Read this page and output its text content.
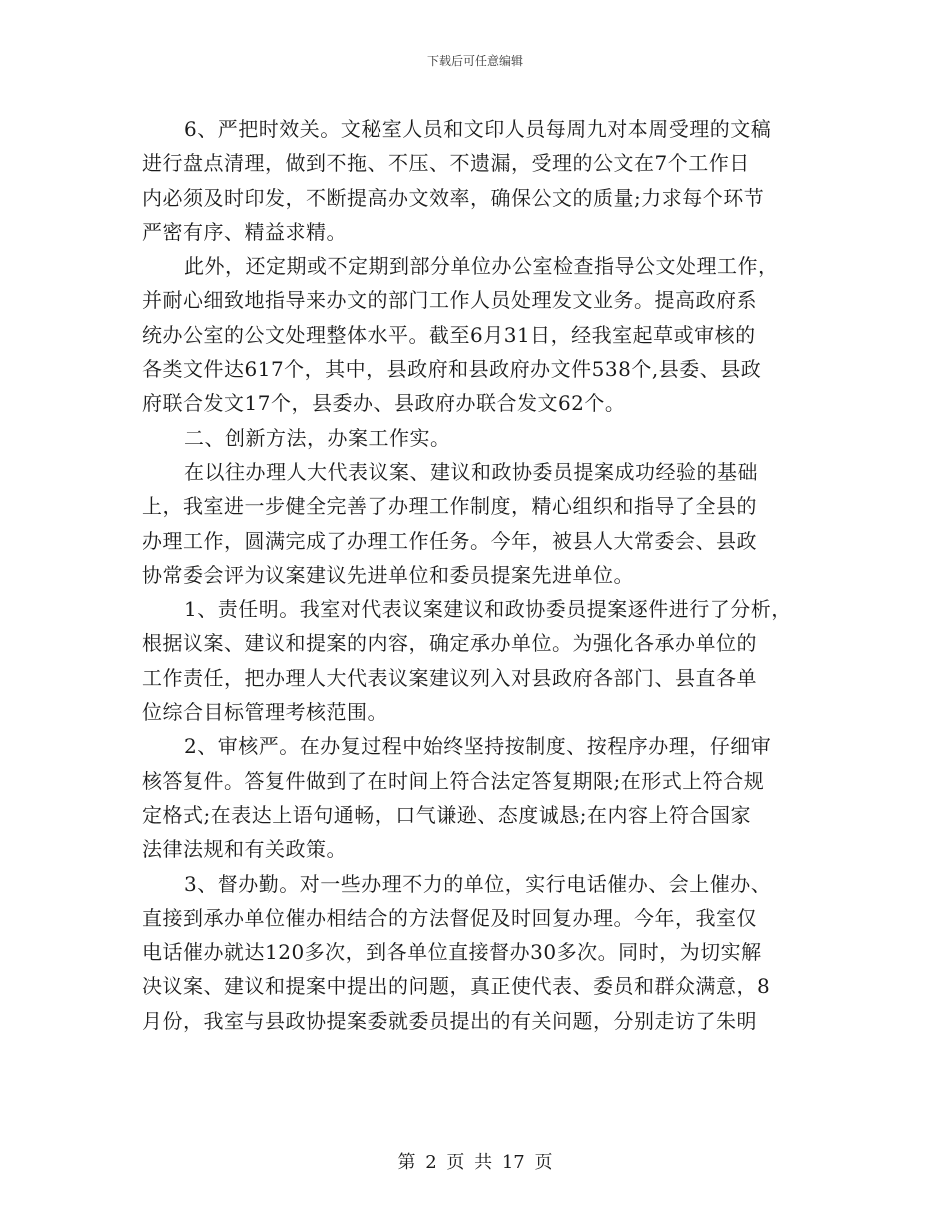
下载后可任意编辑
6、严把时效关。文秘室人员和文印人员每周九对本周受理的文稿
进行盘点清理，做到不拖、不压、不遗漏，受理的公文在7个工作日
内必须及时印发，不断提高办文效率，确保公文的质量;力求每个环节
严密有序、精益求精。
此外，还定期或不定期到部分单位办公室检查指导公文处理工作，
并耐心细致地指导来办文的部门工作人员处理发文业务。提高政府系
统办公室的公文处理整体水平。截至6月31日，经我室起草或审核的
各类文件达617个，其中，县政府和县政府办文件538个,县委、县政
府联合发文17个，县委办、县政府办联合发文62个。
二、创新方法，办案工作实。
在以往办理人大代表议案、建议和政协委员提案成功经验的基础
上，我室进一步健全完善了办理工作制度，精心组织和指导了全县的
办理工作，圆满完成了办理工作任务。今年，被县人大常委会、县政
协常委会评为议案建议先进单位和委员提案先进单位。
1、责任明。我室对代表议案建议和政协委员提案逐件进行了分析，
根据议案、建议和提案的内容，确定承办单位。为强化各承办单位的
工作责任，把办理人大代表议案建议列入对县政府各部门、县直各单
位综合目标管理考核范围。
2、审核严。在办复过程中始终坚持按制度、按程序办理，仔细审
核答复件。答复件做到了在时间上符合法定答复期限;在形式上符合规
定格式;在表达上语句通畅，口气谦逊、态度诚恳;在内容上符合国家
法律法规和有关政策。
3、督办勤。对一些办理不力的单位，实行电话催办、会上催办、
直接到承办单位催办相结合的方法督促及时回复办理。今年，我室仅
电话催办就达120多次，到各单位直接督办30多次。同时，为切实解
决议案、建议和提案中提出的问题，真正使代表、委员和群众满意，8
月份，我室与县政协提案委就委员提出的有关问题，分别走访了朱明
第 2 页 共 17 页
